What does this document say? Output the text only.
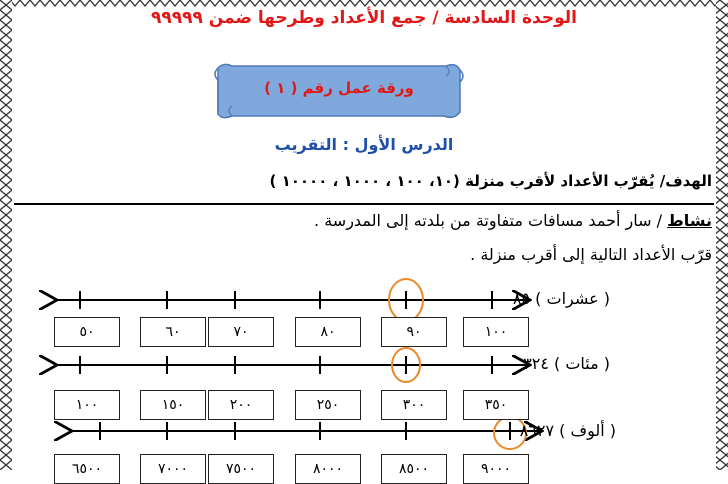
الوحدة السادسة / جمع الأعداد وطرحها ضمن ٩٩٩٩٩
ورقة عمل رقم ( ١ )
الدرس الأول : التقريب
الهدف/ يُقرّب الأعداد لأقرب منزلة (١٠، ١٠٠ ، ١٠٠٠ ، ١٠٠٠٠ )
نشاط / سار أحمد مسافات متفاوتة من بلدته إلى المدرسة .
قرّب الأعداد التالية إلى أقرب منزلة .
( عشرات ) ٨٥
٥٠	٦٠	٧٠	٨٠	٩٠	١٠٠
( مئات ) ٣٢٤
١٠٠	١٥٠	٢٠٠	٢٥٠	٣٠٠	٣٥٠
( ألوف ) ٨٦٢٧
٦٥٠٠	٧٠٠٠	٧٥٠٠	٨٠٠٠	٨٥٠٠	٩٠٠٠
